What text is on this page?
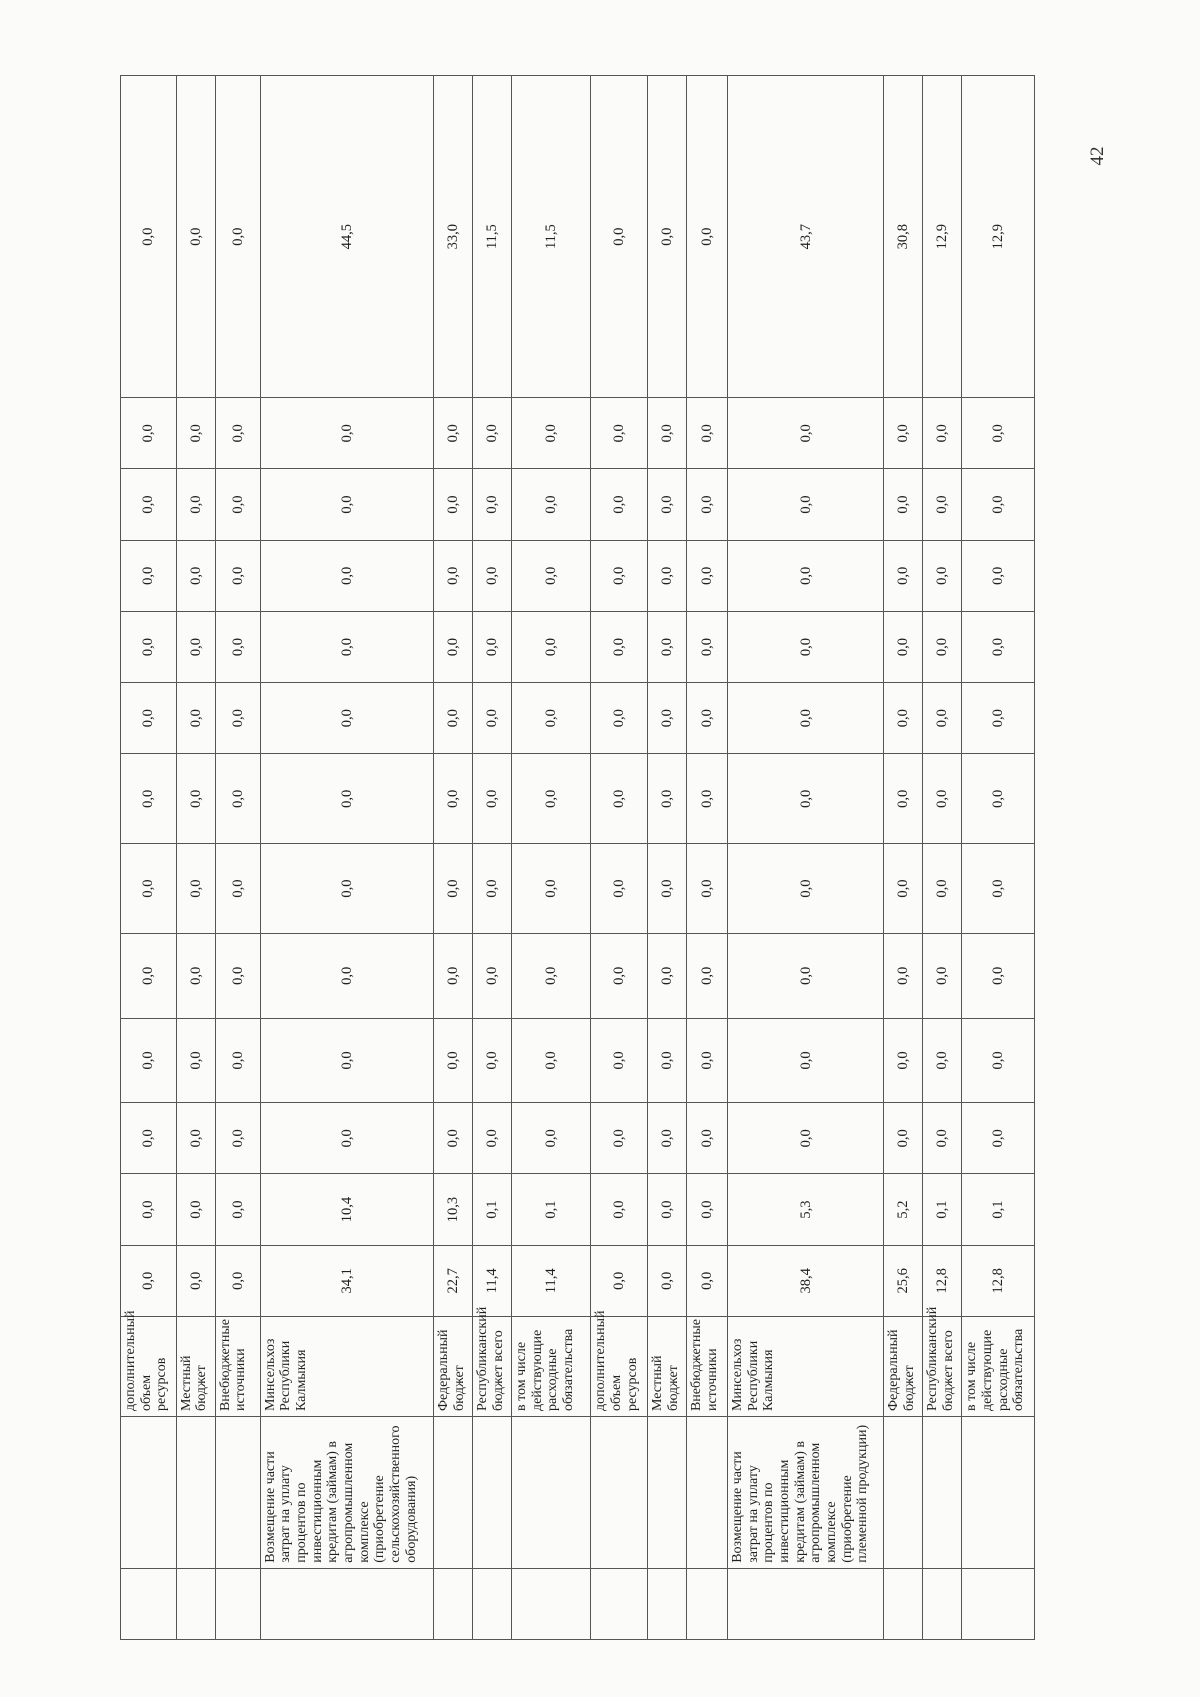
		дополнительный объем ресурсов	0,0	0,0	0,0	0,0	0,0	0,0	0,0	0,0	0,0	0,0	0,0	0,0	0,0
		Местный бюджет	0,0	0,0	0,0	0,0	0,0	0,0	0,0	0,0	0,0	0,0	0,0	0,0	0,0
		Внебюджетные источники	0,0	0,0	0,0	0,0	0,0	0,0	0,0	0,0	0,0	0,0	0,0	0,0	0,0
	Возмещение части затрат на уплату процентов по инвестиционным кредитам (займам) в агропромышленном комплексе (приобретение сельскохозяйственного оборудования)	Минсельхоз Республики Калмыкия	34,1	10,4	0,0	0,0	0,0	0,0	0,0	0,0	0,0	0,0	0,0	0,0	44,5
		Федеральный бюджет	22,7	10,3	0,0	0,0	0,0	0,0	0,0	0,0	0,0	0,0	0,0	0,0	33,0
		Республиканский бюджет всего	11,4	0,1	0,0	0,0	0,0	0,0	0,0	0,0	0,0	0,0	0,0	0,0	11,5
		в том числе действующие расходные обязательства	11,4	0,1	0,0	0,0	0,0	0,0	0,0	0,0	0,0	0,0	0,0	0,0	11,5
		дополнительный объем ресурсов	0,0	0,0	0,0	0,0	0,0	0,0	0,0	0,0	0,0	0,0	0,0	0,0	0,0
		Местный бюджет	0,0	0,0	0,0	0,0	0,0	0,0	0,0	0,0	0,0	0,0	0,0	0,0	0,0
		Внебюджетные источники	0,0	0,0	0,0	0,0	0,0	0,0	0,0	0,0	0,0	0,0	0,0	0,0	0,0
	Возмещение части затрат на уплату процентов по инвестиционным кредитам (займам) в агропромышленном комплексе (приобретение племенной продукции)	Минсельхоз Республики Калмыкия	38,4	5,3	0,0	0,0	0,0	0,0	0,0	0,0	0,0	0,0	0,0	0,0	43,7
		Федеральный бюджет	25,6	5,2	0,0	0,0	0,0	0,0	0,0	0,0	0,0	0,0	0,0	0,0	30,8
		Республиканский бюджет всего	12,8	0,1	0,0	0,0	0,0	0,0	0,0	0,0	0,0	0,0	0,0	0,0	12,9
		в том числе действующие расходные обязательства	12,8	0,1	0,0	0,0	0,0	0,0	0,0	0,0	0,0	0,0	0,0	0,0	12,9
42
